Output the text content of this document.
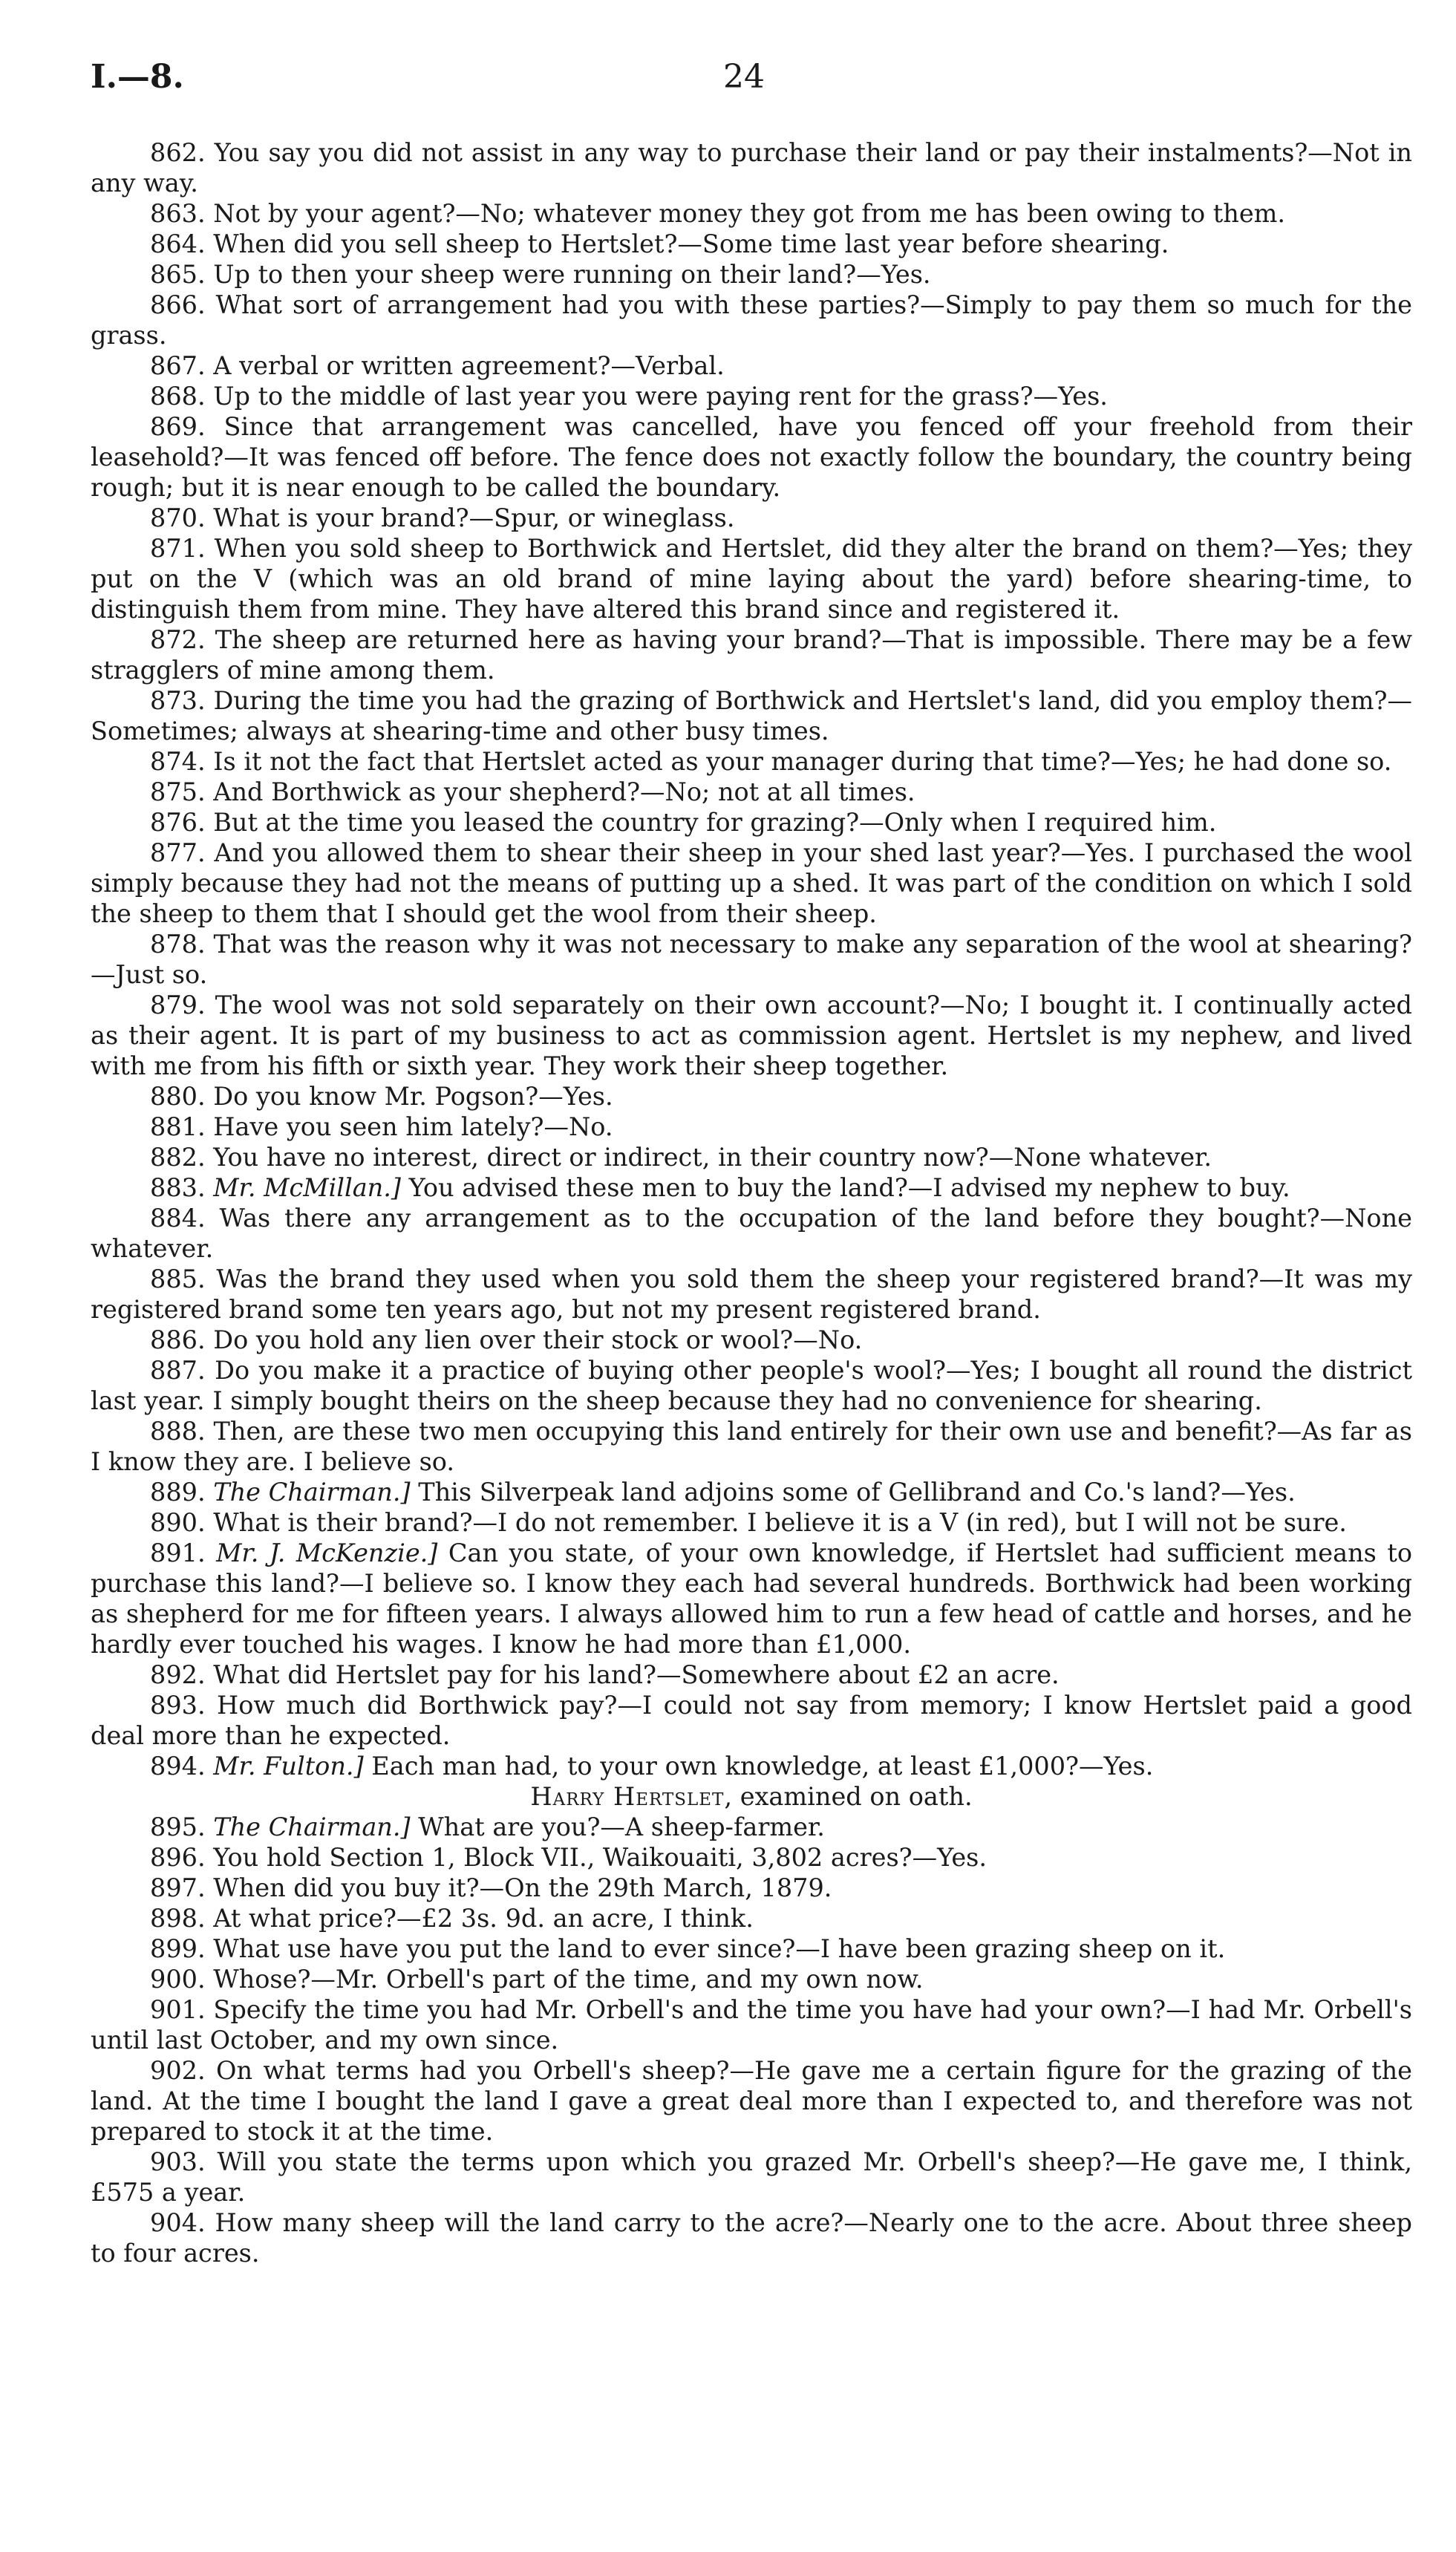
I.—8.	24

862. You say you did not assist in any way to purchase their land or pay their instalments?—Not in any way.

863. Not by your agent?—No; whatever money they got from me has been owing to them.

864. When did you sell sheep to Hertslet?—Some time last year before shearing.

865. Up to then your sheep were running on their land?—Yes.

866. What sort of arrangement had you with these parties?—Simply to pay them so much for the grass.

867. A verbal or written agreement?—Verbal.

868. Up to the middle of last year you were paying rent for the grass?—Yes.

869. Since that arrangement was cancelled, have you fenced off your freehold from their leasehold?—It was fenced off before. The fence does not exactly follow the boundary, the country being rough; but it is near enough to be called the boundary.

870. What is your brand?—Spur, or wineglass.

871. When you sold sheep to Borthwick and Hertslet, did they alter the brand on them?—Yes; they put on the V (which was an old brand of mine laying about the yard) before shearing-time, to distinguish them from mine. They have altered this brand since and registered it.

872. The sheep are returned here as having your brand?—That is impossible. There may be a few stragglers of mine among them.

873. During the time you had the grazing of Borthwick and Hertslet's land, did you employ them?—Sometimes; always at shearing-time and other busy times.

874. Is it not the fact that Hertslet acted as your manager during that time?—Yes; he had done so.

875. And Borthwick as your shepherd?—No; not at all times.

876. But at the time you leased the country for grazing?—Only when I required him.

877. And you allowed them to shear their sheep in your shed last year?—Yes. I purchased the wool simply because they had not the means of putting up a shed. It was part of the condition on which I sold the sheep to them that I should get the wool from their sheep.

878. That was the reason why it was not necessary to make any separation of the wool at shearing?—Just so.

879. The wool was not sold separately on their own account?—No; I bought it. I continually acted as their agent. It is part of my business to act as commission agent. Hertslet is my nephew, and lived with me from his fifth or sixth year. They work their sheep together.

880. Do you know Mr. Pogson?—Yes.

881. Have you seen him lately?—No.

882. You have no interest, direct or indirect, in their country now?—None whatever.

883. Mr. McMillan.] You advised these men to buy the land?—I advised my nephew to buy.

884. Was there any arrangement as to the occupation of the land before they bought?—None whatever.

885. Was the brand they used when you sold them the sheep your registered brand?—It was my registered brand some ten years ago, but not my present registered brand.

886. Do you hold any lien over their stock or wool?—No.

887. Do you make it a practice of buying other people's wool?—Yes; I bought all round the district last year. I simply bought theirs on the sheep because they had no convenience for shearing.

888. Then, are these two men occupying this land entirely for their own use and benefit?—As far as I know they are. I believe so.

889. The Chairman.] This Silverpeak land adjoins some of Gellibrand and Co.'s land?—Yes.

890. What is their brand?—I do not remember. I believe it is a V (in red), but I will not be sure.

891. Mr. J. McKenzie.] Can you state, of your own knowledge, if Hertslet had sufficient means to purchase this land?—I believe so. I know they each had several hundreds. Borthwick had been working as shepherd for me for fifteen years. I always allowed him to run a few head of cattle and horses, and he hardly ever touched his wages. I know he had more than £1,000.

892. What did Hertslet pay for his land?—Somewhere about £2 an acre.

893. How much did Borthwick pay?—I could not say from memory; I know Hertslet paid a good deal more than he expected.

894. Mr. Fulton.] Each man had, to your own knowledge, at least £1,000?—Yes.

Harry Hertslet, examined on oath.

895. The Chairman.] What are you?—A sheep-farmer.

896. You hold Section 1, Block VII., Waikouaiti, 3,802 acres?—Yes.

897. When did you buy it?—On the 29th March, 1879.

898. At what price?—£2 3s. 9d. an acre, I think.

899. What use have you put the land to ever since?—I have been grazing sheep on it.

900. Whose?—Mr. Orbell's part of the time, and my own now.

901. Specify the time you had Mr. Orbell's and the time you have had your own?—I had Mr. Orbell's until last October, and my own since.

902. On what terms had you Orbell's sheep?—He gave me a certain figure for the grazing of the land. At the time I bought the land I gave a great deal more than I expected to, and therefore was not prepared to stock it at the time.

903. Will you state the terms upon which you grazed Mr. Orbell's sheep?—He gave me, I think, £575 a year.

904. How many sheep will the land carry to the acre?—Nearly one to the acre. About three sheep to four acres.
